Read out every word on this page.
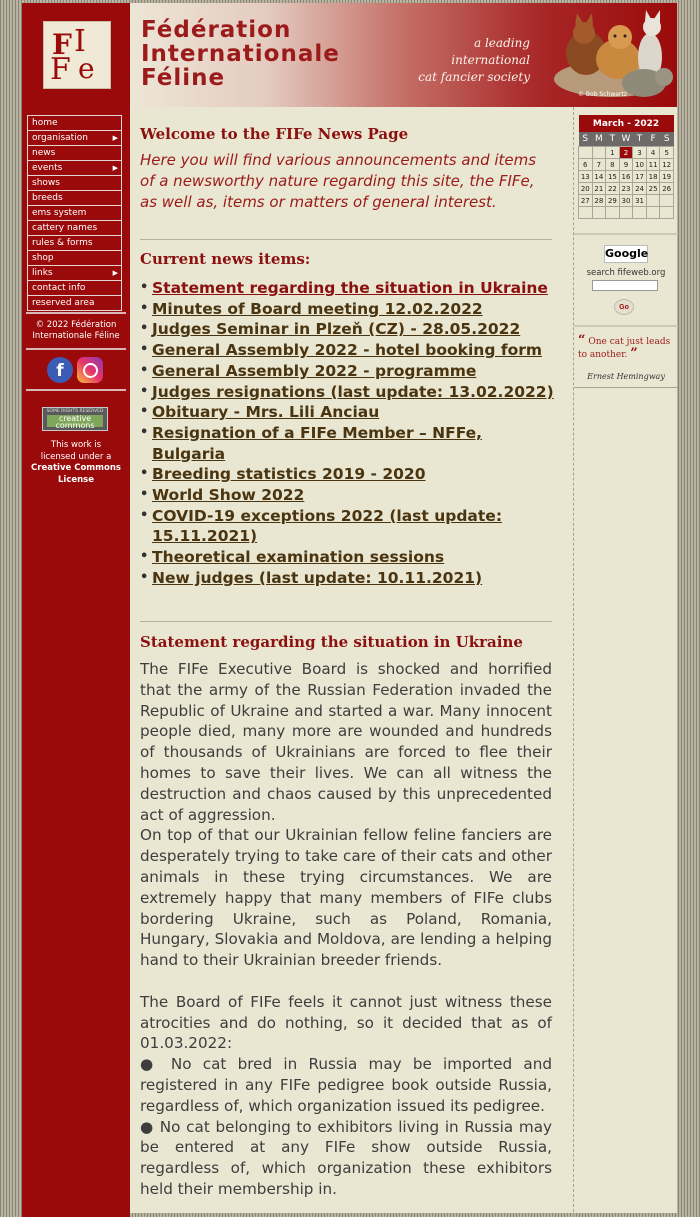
F I
F e
Fédération
Internationale
Féline
a leading international
cat fancier society
© Bob Schwartz
home
organisation	▶
news
events	▶
shows
breeds
ems system
cattery names
rules & forms
shop
links	▶
contact info
reserved area
© 2022 Fédération
Internationale Féline
f
SOME RIGHTS RESERVED
creative commons
This work is
licensed under a
Creative Commons
License
Welcome to the FIFe News Page

Here you will find various announcements and items of a newsworthy nature regarding this site, the FIFe, as well as, items or matters of general interest.

Current news items:
• Statement regarding the situation in Ukraine
• Minutes of Board meeting 12.02.2022
• Judges Seminar in Plzeň (CZ) - 28.05.2022
• General Assembly 2022 - hotel booking form
• General Assembly 2022 - programme
• Judges resignations (last update: 13.02.2022)
• Obituary - Mrs. Lili Anciau
• Resignation of a FIFe Member – NFFe, Bulgaria
• Breeding statistics 2019 - 2020
• World Show 2022
• COVID-19 exceptions 2022 (last update: 15.11.2021)
• Theoretical examination sessions
• New judges (last update: 10.11.2021)
Statement regarding the situation in Ukraine

The FIFe Executive Board is shocked and horrified that the army of the Russian Federation invaded the Republic of Ukraine and started a war. Many innocent people died, many more are wounded and hundreds of thousands of Ukrainians are forced to flee their homes to save their lives. We can all witness the destruction and chaos caused by this unprecedented act of aggression.

On top of that our Ukrainian fellow feline fanciers are desperately trying to take care of their cats and other animals in these trying circumstances. We are extremely happy that many members of FIFe clubs bordering Ukraine, such as Poland, Romania, Hungary, Slovakia and Moldova, are lending a helping hand to their Ukrainian breeder friends.

The Board of FIFe feels it cannot just witness these atrocities and do nothing, so it decided that as of 01.03.2022:

● No cat bred in Russia may be imported and registered in any FIFe pedigree book outside Russia, regardless of, which organization issued its pedigree.

● No cat belonging to exhibitors living in Russia may be entered at any FIFe show outside Russia, regardless of, which organization these exhibitors held their membership in.

March - 2022						
S	M	T	W	T	F	S
		1	2	3	4	5
6	7	8	9	10	11	12
13	14	15	16	17	18	19
20	21	22	23	24	25	26
27	28	29	30	31		

Google
search fifeweb.org
Go
“ One cat just leads to another. ”
Ernest Hemingway
